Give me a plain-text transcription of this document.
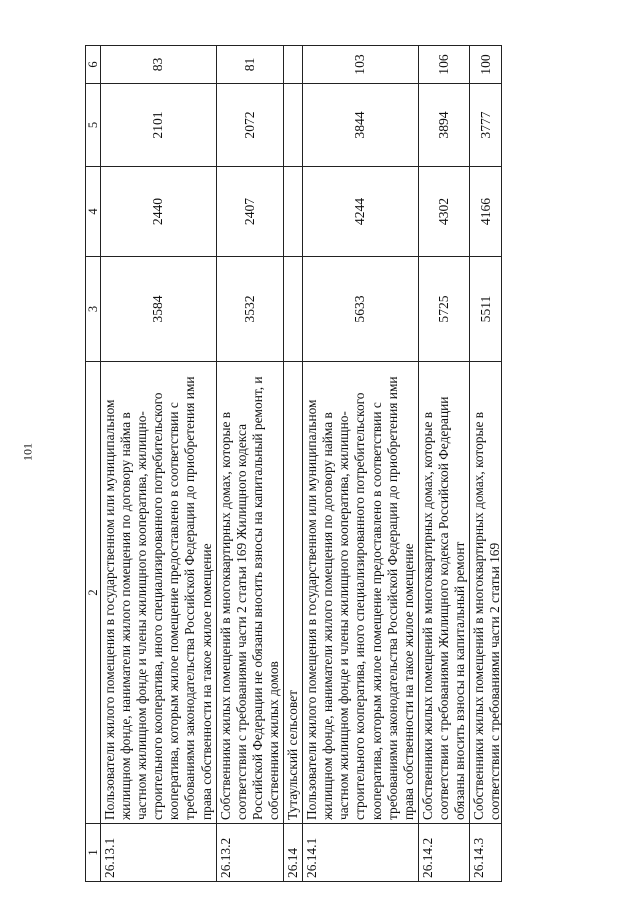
101
1	2	3	4	5	6
26.13.1	Пользователи жилого помещения в государственном или муниципальном жилищном фонде, наниматели жилого помещения по договору найма в частном жилищном фонде и члены жилищного кооператива, жилищно-строительного кооператива, иного специализированного потребительского кооператива, которым жилое помещение предоставлено в соответствии с требованиями законодательства Российской Федерации до приобретения ими права собственности на такое жилое помещение	3584	2440	2101	83
26.13.2	Собственники жилых помещений в многоквартирных домах, которые в соответствии с требованиями части 2 статьи 169 Жилищного кодекса Российской Федерации не обязаны вносить взносы на капитальный ремонт, и собственники жилых домов	3532	2407	2072	81
26.14	Тутаульский сельсовет				
26.14.1	Пользователи жилого помещения в государственном или муниципальном жилищном фонде, наниматели жилого помещения по договору найма в частном жилищном фонде и члены жилищного кооператива, жилищно-строительного кооператива, иного специализированного потребительского кооператива, которым жилое помещение предоставлено в соответствии с требованиями законодательства Российской Федерации до приобретения ими права собственности на такое жилое помещение	5633	4244	3844	103
26.14.2	Собственники жилых помещений в многоквартирных домах, которые в соответствии с требованиями Жилищного кодекса Российской Федерации обязаны вносить взносы на капитальный ремонт	5725	4302	3894	106
26.14.3	Собственники жилых помещений в многоквартирных домах, которые в соответствии с требованиями части 2 статьи 169	5511	4166	3777	100
